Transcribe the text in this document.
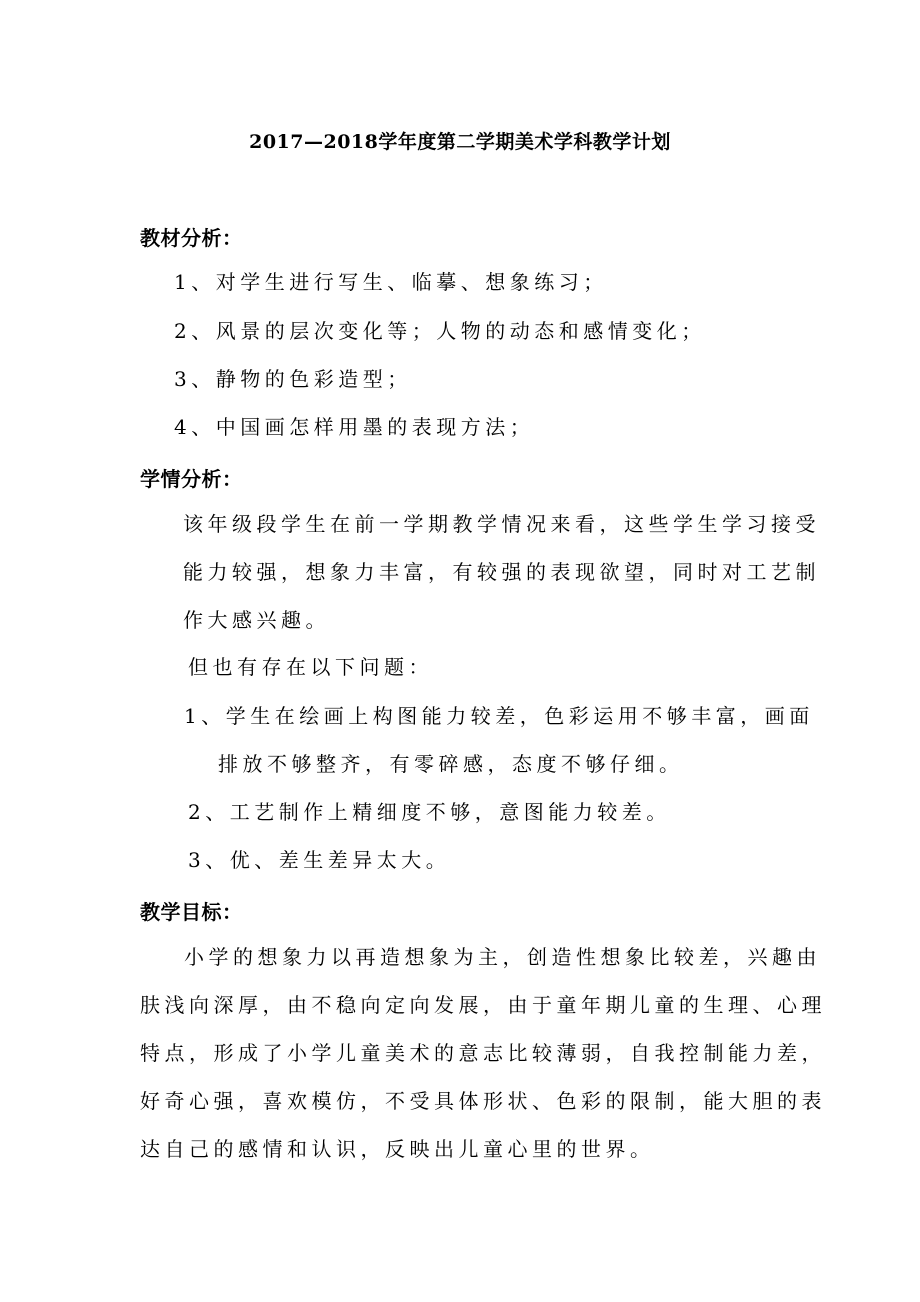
2017—2018学年度第二学期美术学科教学计划
教材分析：
1、对学生进行写生、临摹、想象练习；
2、风景的层次变化等；人物的动态和感情变化；
3、静物的色彩造型；
4、中国画怎样用墨的表现方法；
学情分析：
该年级段学生在前一学期教学情况来看，这些学生学习接受
能力较强，想象力丰富，有较强的表现欲望，同时对工艺制
作大感兴趣。
但也有存在以下问题：
1、学生在绘画上构图能力较差，色彩运用不够丰富，画面
排放不够整齐，有零碎感，态度不够仔细。
2、工艺制作上精细度不够，意图能力较差。
3、优、差生差异太大。
教学目标：
小学的想象力以再造想象为主，创造性想象比较差，兴趣由
肤浅向深厚，由不稳向定向发展，由于童年期儿童的生理、心理
特点，形成了小学儿童美术的意志比较薄弱，自我控制能力差，
好奇心强，喜欢模仿，不受具体形状、色彩的限制，能大胆的表
达自己的感情和认识，反映出儿童心里的世界。
